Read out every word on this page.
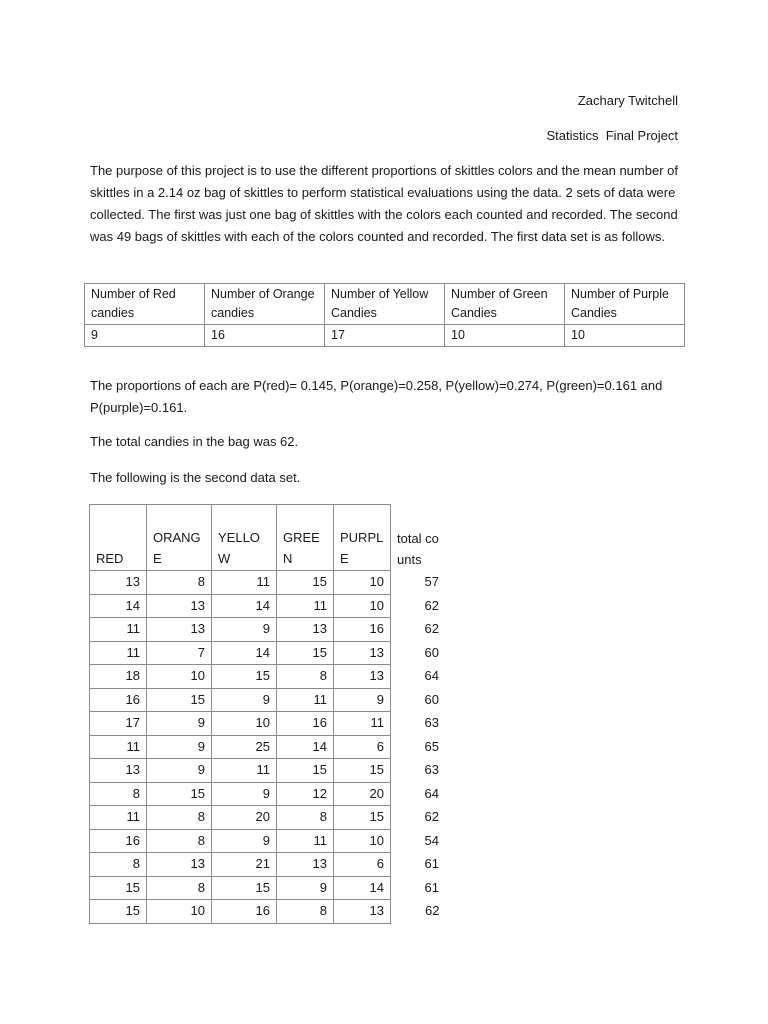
Zachary Twitchell
Statistics  Final Project

The purpose of this project is to use the different proportions of skittles colors and the mean number of skittles in a 2.14 oz bag of skittles to perform statistical evaluations using the data. 2 sets of data were collected. The first was just one bag of skittles with the colors each counted and recorded. The second was 49 bags of skittles with each of the colors counted and recorded. The first data set is as follows.

Number of Red candies	Number of Orange candies	Number of Yellow Candies	Number of Green Candies	Number of Purple Candies
9	16	17	10	10

The proportions of each are P(red)= 0.145, P(orange)=0.258, P(yellow)=0.274, P(green)=0.161 and P(purple)=0.161.

The total candies in the bag was 62.

The following is the second data set.

RED	ORANGE	YELLOW	GREEN	PURPLE	total counts
13	8	11	15	10	57
14	13	14	11	10	62
11	13	9	13	16	62
11	7	14	15	13	60
18	10	15	8	13	64
16	15	9	11	9	60
17	9	10	16	11	63
11	9	25	14	6	65
13	9	11	15	15	63
8	15	9	12	20	64
11	8	20	8	15	62
16	8	9	11	10	54
8	13	21	13	6	61
15	8	15	9	14	61
15	10	16	8	13	62
